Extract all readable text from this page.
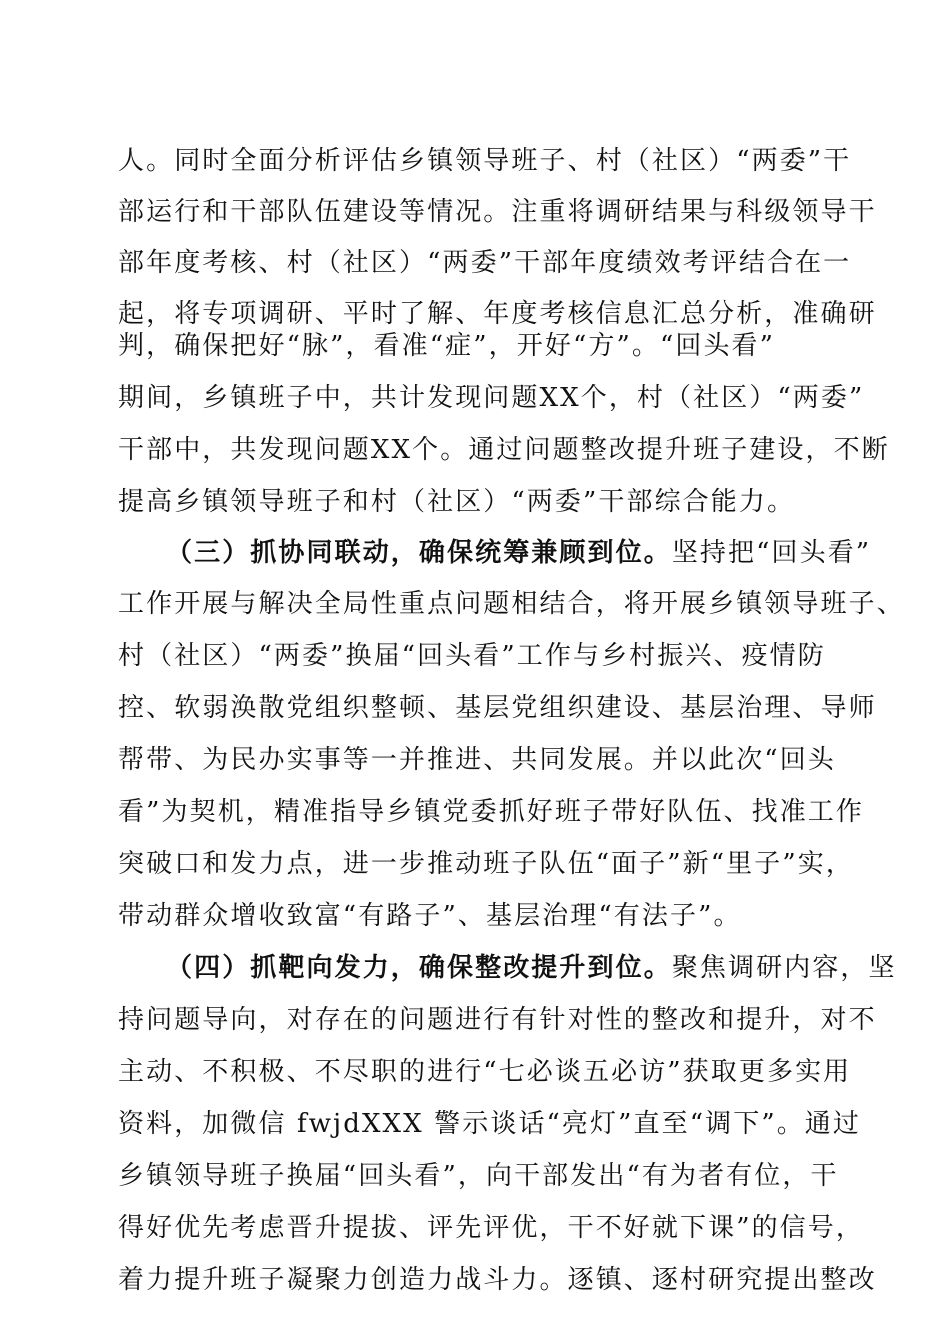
人。同时全面分析评估乡镇领导班子、村（社区）“两委”干
部运行和干部队伍建设等情况。注重将调研结果与科级领导干
部年度考核、村（社区）“两委”干部年度绩效考评结合在一
起，将专项调研、平时了解、年度考核信息汇总分析，准确研
判，确保把好“脉”，看准“症”，开好“方”。“回头看”
期间，乡镇班子中，共计发现问题XX个，村（社区）“两委”
干部中，共发现问题XX个。通过问题整改提升班子建设，不断
提高乡镇领导班子和村（社区）“两委”干部综合能力。
（三）抓协同联动，确保统筹兼顾到位。坚持把“回头看”
工作开展与解决全局性重点问题相结合，将开展乡镇领导班子、
村（社区）“两委”换届“回头看”工作与乡村振兴、疫情防
控、软弱涣散党组织整顿、基层党组织建设、基层治理、导师
帮带、为民办实事等一并推进、共同发展。并以此次“回头
看”为契机，精准指导乡镇党委抓好班子带好队伍、找准工作
突破口和发力点，进一步推动班子队伍“面子”新“里子”实，
带动群众增收致富“有路子”、基层治理“有法子”。
（四）抓靶向发力，确保整改提升到位。聚焦调研内容，坚
持问题导向，对存在的问题进行有针对性的整改和提升，对不
主动、不积极、不尽职的进行“七必谈五必访”获取更多实用
资料，加微信 fwjdXXX 警示谈话“亮灯”直至“调下”。通过
乡镇领导班子换届“回头看”，向干部发出“有为者有位，干
得好优先考虑晋升提拔、评先评优，干不好就下课”的信号，
着力提升班子凝聚力创造力战斗力。逐镇、逐村研究提出整改
